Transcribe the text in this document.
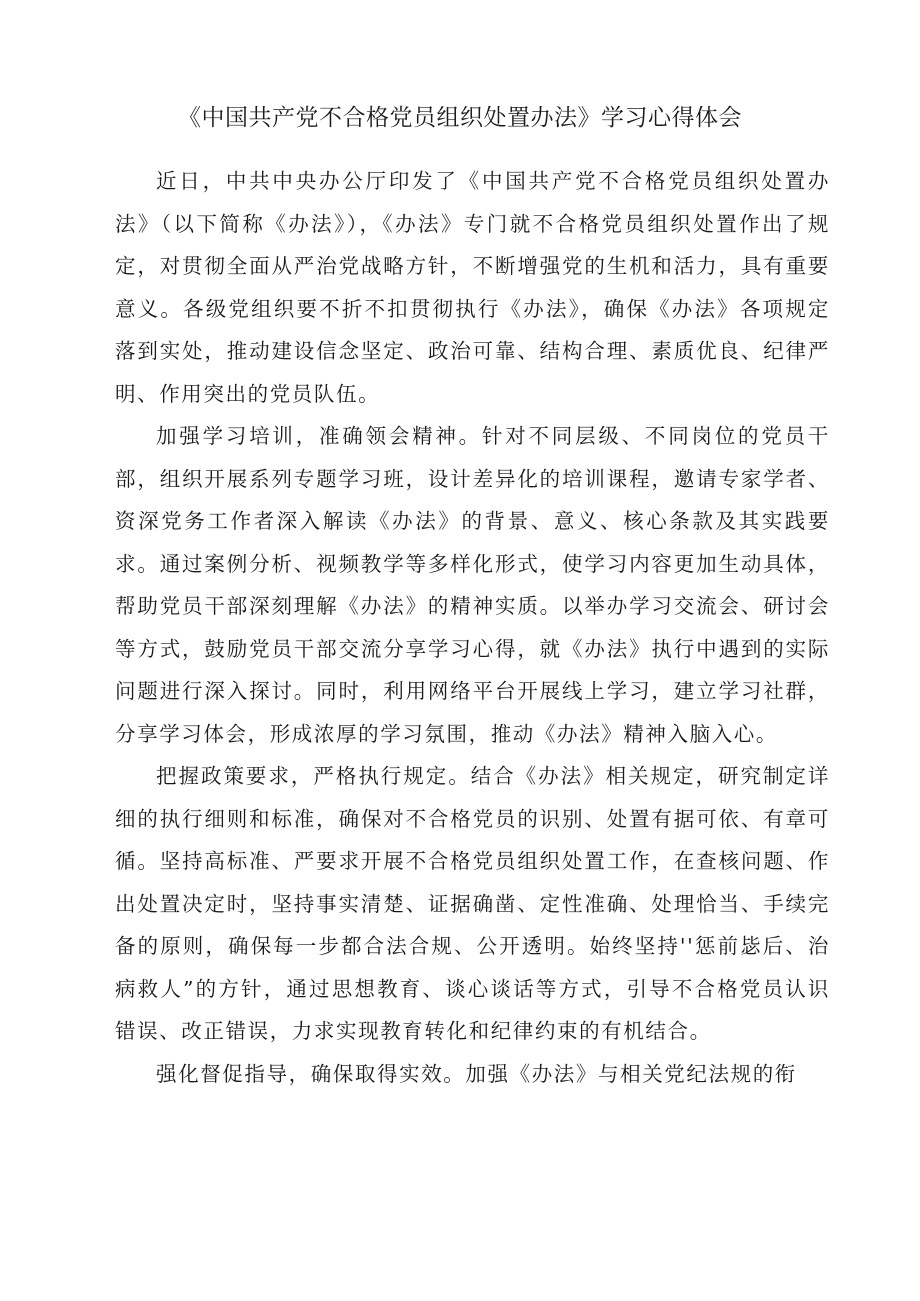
《中国共产党不合格党员组织处置办法》学习心得体会

近日，中共中央办公厅印发了《中国共产党不合格党员组织处置办法》（以下简称《办法》），《办法》专门就不合格党员组织处置作出了规定，对贯彻全面从严治党战略方针，不断增强党的生机和活力，具有重要意义。各级党组织要不折不扣贯彻执行《办法》，确保《办法》各项规定落到实处，推动建设信念坚定、政治可靠、结构合理、素质优良、纪律严明、作用突出的党员队伍。

加强学习培训，准确领会精神。针对不同层级、不同岗位的党员干部，组织开展系列专题学习班，设计差异化的培训课程，邀请专家学者、资深党务工作者深入解读《办法》的背景、意义、核心条款及其实践要求。通过案例分析、视频教学等多样化形式，使学习内容更加生动具体，帮助党员干部深刻理解《办法》的精神实质。以举办学习交流会、研讨会等方式，鼓励党员干部交流分享学习心得，就《办法》执行中遇到的实际问题进行深入探讨。同时，利用网络平台开展线上学习，建立学习社群，分享学习体会，形成浓厚的学习氛围，推动《办法》精神入脑入心。

把握政策要求，严格执行规定。结合《办法》相关规定，研究制定详细的执行细则和标准，确保对不合格党员的识别、处置有据可依、有章可循。坚持高标准、严要求开展不合格党员组织处置工作，在查核问题、作出处置决定时，坚持事实清楚、证据确凿、定性准确、处理恰当、手续完备的原则，确保每一步都合法合规、公开透明。始终坚持''惩前毖后、治病救人”的方针，通过思想教育、谈心谈话等方式，引导不合格党员认识错误、改正错误，力求实现教育转化和纪律约束的有机结合。

强化督促指导，确保取得实效。加强《办法》与相关党纪法规的衔
